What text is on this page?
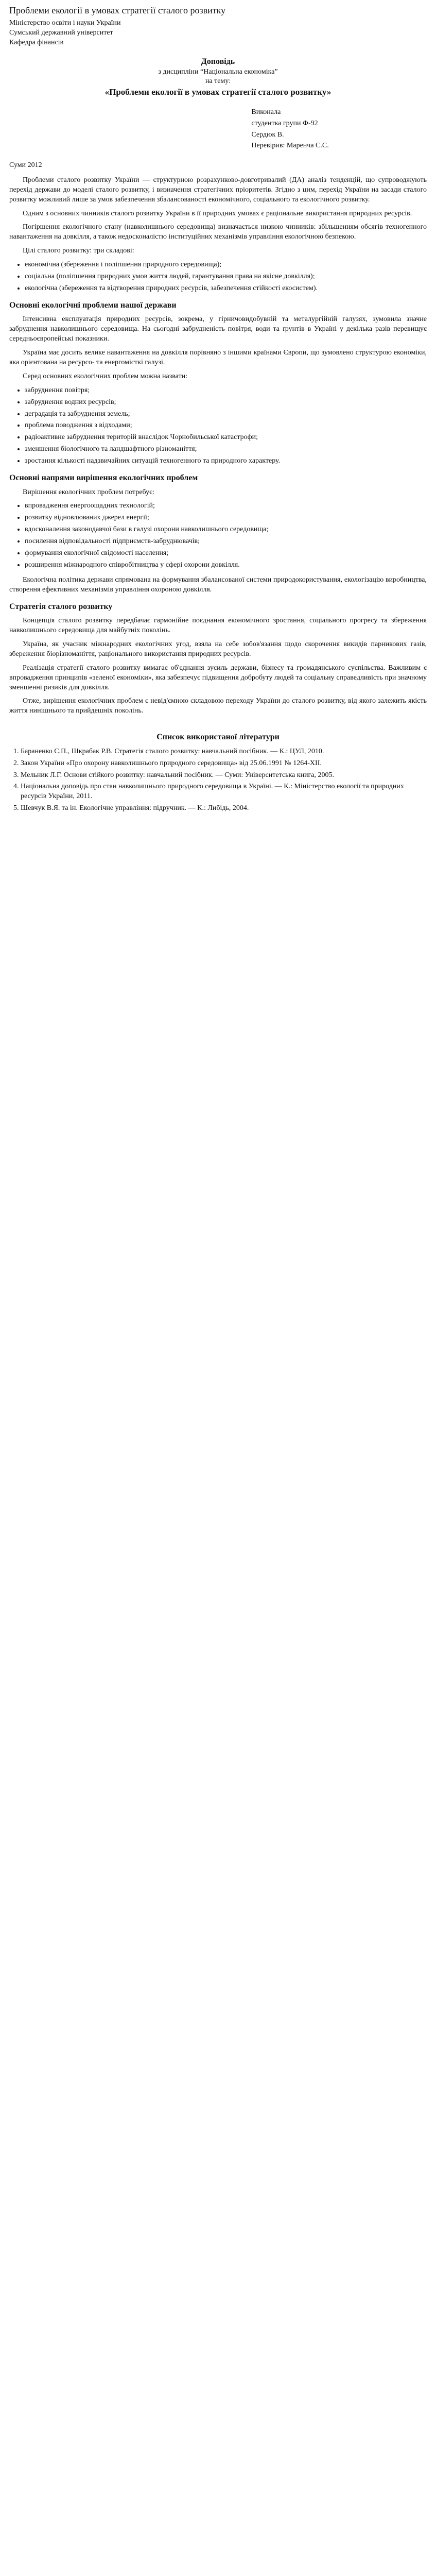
Проблеми екології в умовах стратегії сталого розвитку

Міністерство освіти і науки України

Сумський державний університет

Кафедра фінансів

Доповідь

з дисципліни “Національна економіка”

на тему:

«Проблеми екології в умовах стратегії сталого розвитку»

Виконала

студентка групи Ф-92

Сердюк В.

Перевірив: Маренча С.С.

Суми 2012

Проблеми сталого розвитку України — структурною розрахунково-довготривалий (ДА) аналіз тенденцій, що супроводжують перехід держави до моделі сталого розвитку, і визначення стратегічних пріоритетів. Згідно з цим, перехід України на засади сталого розвитку можливий лише за умов забезпечення збалансованості економічного, соціального та екологічного розвитку.

Одним з основних чинників сталого розвитку України в її природних умовах є раціональне використання природних ресурсів.

Погіршення екологічного стану (навколишнього середовища) визначається низкою чинників: збільшенням обсягів техногенного навантаження на довкілля, а також недосконалістю інституційних механізмів управління екологічною безпекою.

Цілі сталого розвитку: три складові:

• економічна (збереження і поліпшення природного середовища);
• соціальна (поліпшення природних умов життя людей, гарантування права на якісне довкілля);
• екологічна (збереження та відтворення природних ресурсів, забезпечення стійкості екосистем).
Основні екологічні проблеми нашої держави

Інтенсивна експлуатація природних ресурсів, зокрема, у гірничовидобувній та металургійній галузях, зумовила значне забруднення навколишнього середовища. На сьогодні забрудненість повітря, води та ґрунтів в Україні у декілька разів перевищує середньоєвропейські показники.

Україна має досить велике навантаження на довкілля порівняно з іншими країнами Європи, що зумовлено структурою економіки, яка орієнтована на ресурсо- та енергомісткі галузі.

Серед основних екологічних проблем можна назвати:

• забруднення повітря;
• забруднення водних ресурсів;
• деградація та забруднення земель;
• проблема поводження з відходами;
• радіоактивне забруднення територій внаслідок Чорнобильської катастрофи;
• зменшення біологічного та ландшафтного різноманіття;
• зростання кількості надзвичайних ситуацій техногенного та природного характеру.
Основні напрями вирішення екологічних проблем

Вирішення екологічних проблем потребує:

• впровадження енергоощадних технологій;
• розвитку відновлюваних джерел енергії;
• вдосконалення законодавчої бази в галузі охорони навколишнього середовища;
• посилення відповідальності підприємств-забруднювачів;
• формування екологічної свідомості населення;
• розширення міжнародного співробітництва у сфері охорони довкілля.

Екологічна політика держави спрямована на формування збалансованої системи природокористування, екологізацію виробництва, створення ефективних механізмів управління охороною довкілля.

Стратегія сталого розвитку

Концепція сталого розвитку передбачає гармонійне поєднання економічного зростання, соціального прогресу та збереження навколишнього середовища для майбутніх поколінь.

Україна, як учасник міжнародних екологічних угод, взяла на себе зобов'язання щодо скорочення викидів парникових газів, збереження біорізноманіття, раціонального використання природних ресурсів.

Реалізація стратегії сталого розвитку вимагає об'єднання зусиль держави, бізнесу та громадянського суспільства. Важливим є впровадження принципів «зеленої економіки», яка забезпечує підвищення добробуту людей та соціальну справедливість при значному зменшенні ризиків для довкілля.

Отже, вирішення екологічних проблем є невід'ємною складовою переходу України до сталого розвитку, від якого залежить якість життя нинішнього та прийдешніх поколінь.

Список використаної літератури
1. Бараненко С.П., Шкрабак Р.В. Стратегія сталого розвитку: навчальний посібник. — К.: ЦУЛ, 2010.
2. Закон України «Про охорону навколишнього природного середовища» від 25.06.1991 № 1264-XII.
3. Мельник Л.Г. Основи стійкого розвитку: навчальний посібник. — Суми: Університетська книга, 2005.
4. Національна доповідь про стан навколишнього природного середовища в Україні. — К.: Міністерство екології та природних ресурсів України, 2011.
5. Шевчук В.Я. та ін. Екологічне управління: підручник. — К.: Либідь, 2004.
